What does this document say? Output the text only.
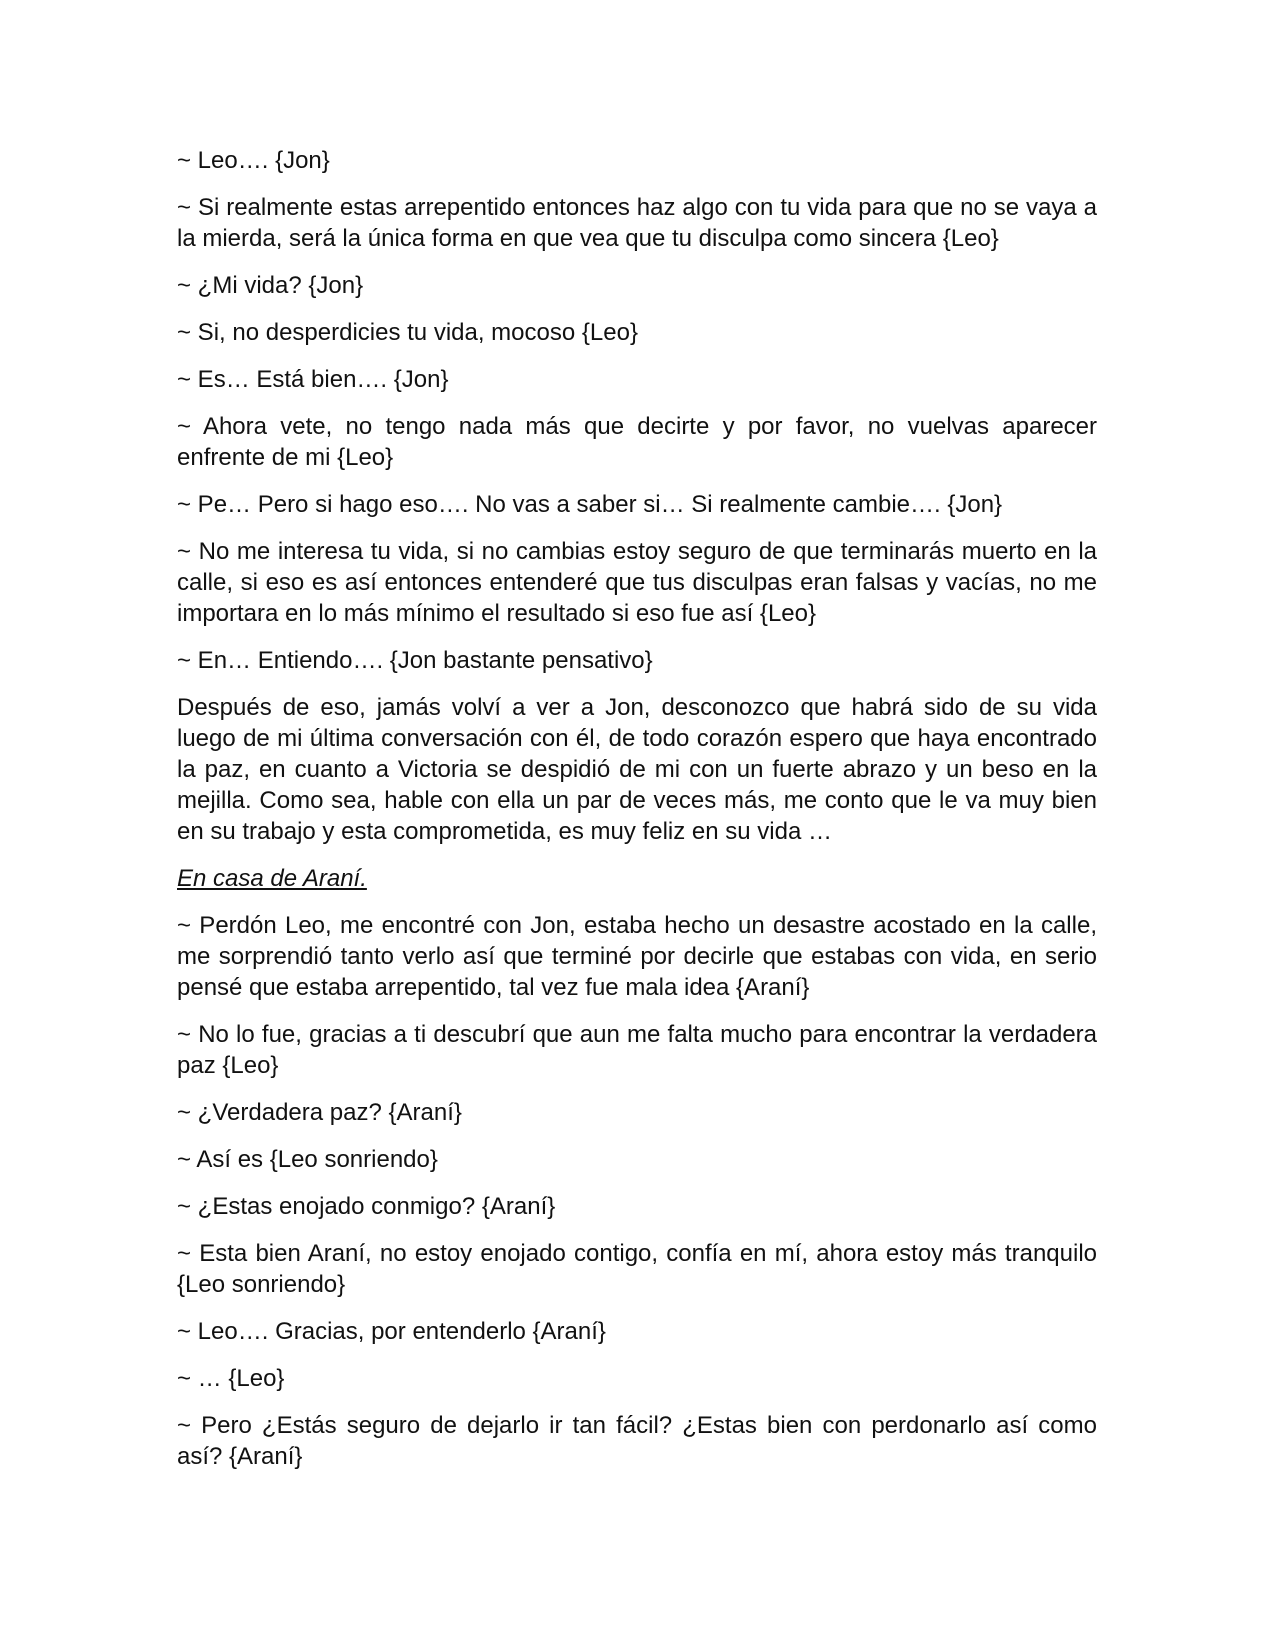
~ Leo…. {Jon}

~ Si realmente estas arrepentido entonces haz algo con tu vida para que no se vaya a la mierda, será la única forma en que vea que tu disculpa como sincera {Leo}

~ ¿Mi vida? {Jon}

~ Si, no desperdicies tu vida, mocoso {Leo}

~ Es… Está bien…. {Jon}

~ Ahora vete, no tengo nada más que decirte y por favor, no vuelvas aparecer enfrente de mi {Leo}

~ Pe… Pero si hago eso…. No vas a saber si… Si realmente cambie…. {Jon}

~ No me interesa tu vida, si no cambias estoy seguro de que terminarás muerto en la calle, si eso es así entonces entenderé que tus disculpas eran falsas y vacías, no me importara en lo más mínimo el resultado si eso fue así {Leo}

~ En… Entiendo…. {Jon bastante pensativo}

Después de eso, jamás volví a ver a Jon, desconozco que habrá sido de su vida luego de mi última conversación con él, de todo corazón espero que haya encontrado la paz, en cuanto a Victoria se despidió de mi con un fuerte abrazo y un beso en la mejilla. Como sea, hable con ella un par de veces más, me conto que le va muy bien en su trabajo y esta comprometida, es muy feliz en su vida …

En casa de Araní.

~ Perdón Leo, me encontré con Jon, estaba hecho un desastre acostado en la calle, me sorprendió tanto verlo así que terminé por decirle que estabas con vida, en serio pensé que estaba arrepentido, tal vez fue mala idea {Araní}

~ No lo fue, gracias a ti descubrí que aun me falta mucho para encontrar la verdadera paz {Leo}

~ ¿Verdadera paz? {Araní}

~ Así es {Leo sonriendo}

~ ¿Estas enojado conmigo? {Araní}

~ Esta bien Araní, no estoy enojado contigo, confía en mí, ahora estoy más tranquilo {Leo sonriendo}

~ Leo…. Gracias, por entenderlo {Araní}

~ … {Leo}

~ Pero ¿Estás seguro de dejarlo ir tan fácil? ¿Estas bien con perdonarlo así como así? {Araní}
